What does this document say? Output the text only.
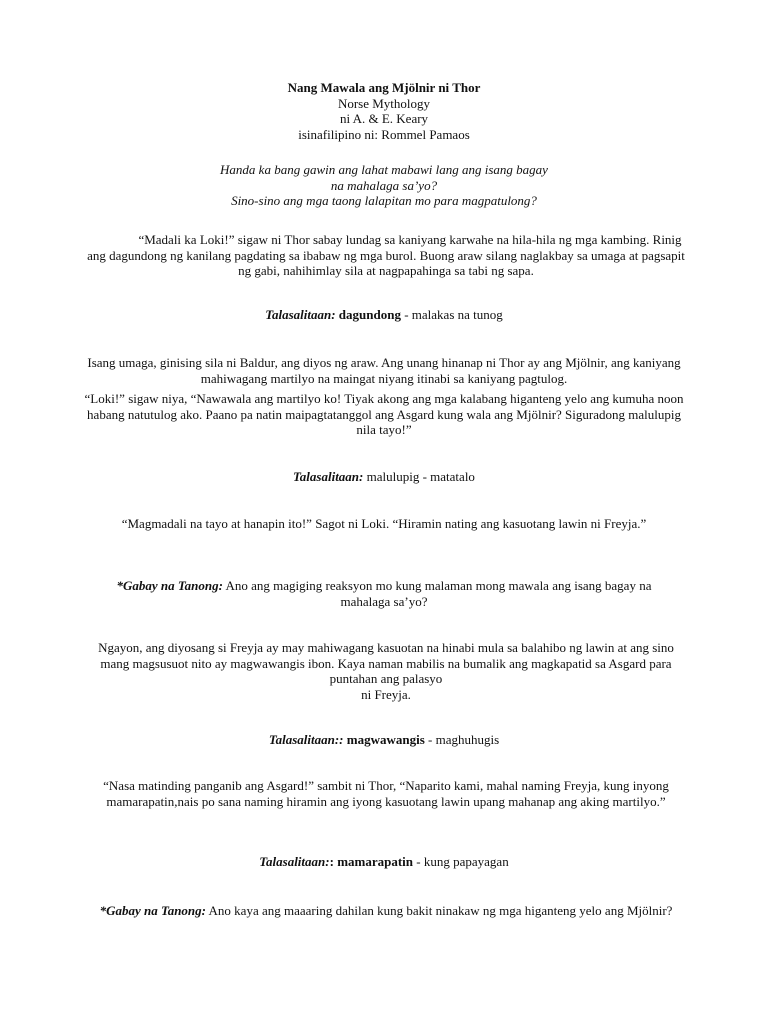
Nang Mawala ang Mjölnir ni Thor

Norse Mythology

ni A. & E. Keary

isinafilipino ni: Rommel Pamaos

Handa ka bang gawin ang lahat mabawi lang ang isang bagay

na mahalaga sa’yo?

Sino-sino ang mga taong lalapitan mo para magpatulong?

“Madali ka Loki!” sigaw ni Thor sabay lundag sa kaniyang karwahe na hila-hila ng mga kambing. Rinig ang dagundong ng kanilang pagdating sa ibabaw ng mga burol. Buong araw silang naglakbay sa umaga at pagsapit ng gabi, nahihimlay sila at nagpapahinga sa tabi ng sapa.

Talasalitaan: dagundong - malakas na tunog

Isang umaga, ginising sila ni Baldur, ang diyos ng araw. Ang unang hinanap ni Thor ay ang Mjölnir, ang kaniyang mahiwagang martilyo na maingat niyang itinabi sa kaniyang pagtulog.

“Loki!” sigaw niya, “Nawawala ang martilyo ko! Tiyak akong ang mga kalabang higanteng yelo ang kumuha noon habang natutulog ako. Paano pa natin maipagtatanggol ang Asgard kung wala ang Mjölnir? Siguradong malulupig nila tayo!”

Talasalitaan: malulupig - matatalo

“Magmadali na tayo at hanapin ito!” Sagot ni Loki. “Hiramin nating ang kasuotang lawin ni Freyja.”

*Gabay na Tanong: Ano ang magiging reaksyon mo kung malaman mong mawala ang isang bagay na mahalaga sa’yo?

Ngayon, ang diyosang si Freyja ay may mahiwagang kasuotan na hinabi mula sa balahibo ng lawin at ang sino mang magsusuot nito ay magwawangis ibon. Kaya naman mabilis na bumalik ang magkapatid sa Asgard para puntahan ang palasyo

ni Freyja.

Talasalitaan:: magwawangis - maghuhugis

“Nasa matinding panganib ang Asgard!” sambit ni Thor, “Naparito kami, mahal naming Freyja, kung inyong mamarapatin,nais po sana naming hiramin ang iyong kasuotang lawin upang mahanap ang aking martilyo.”

Talasalitaan:: mamarapatin - kung papayagan

*Gabay na Tanong: Ano kaya ang maaaring dahilan kung bakit ninakaw ng mga higanteng yelo ang Mjölnir?
